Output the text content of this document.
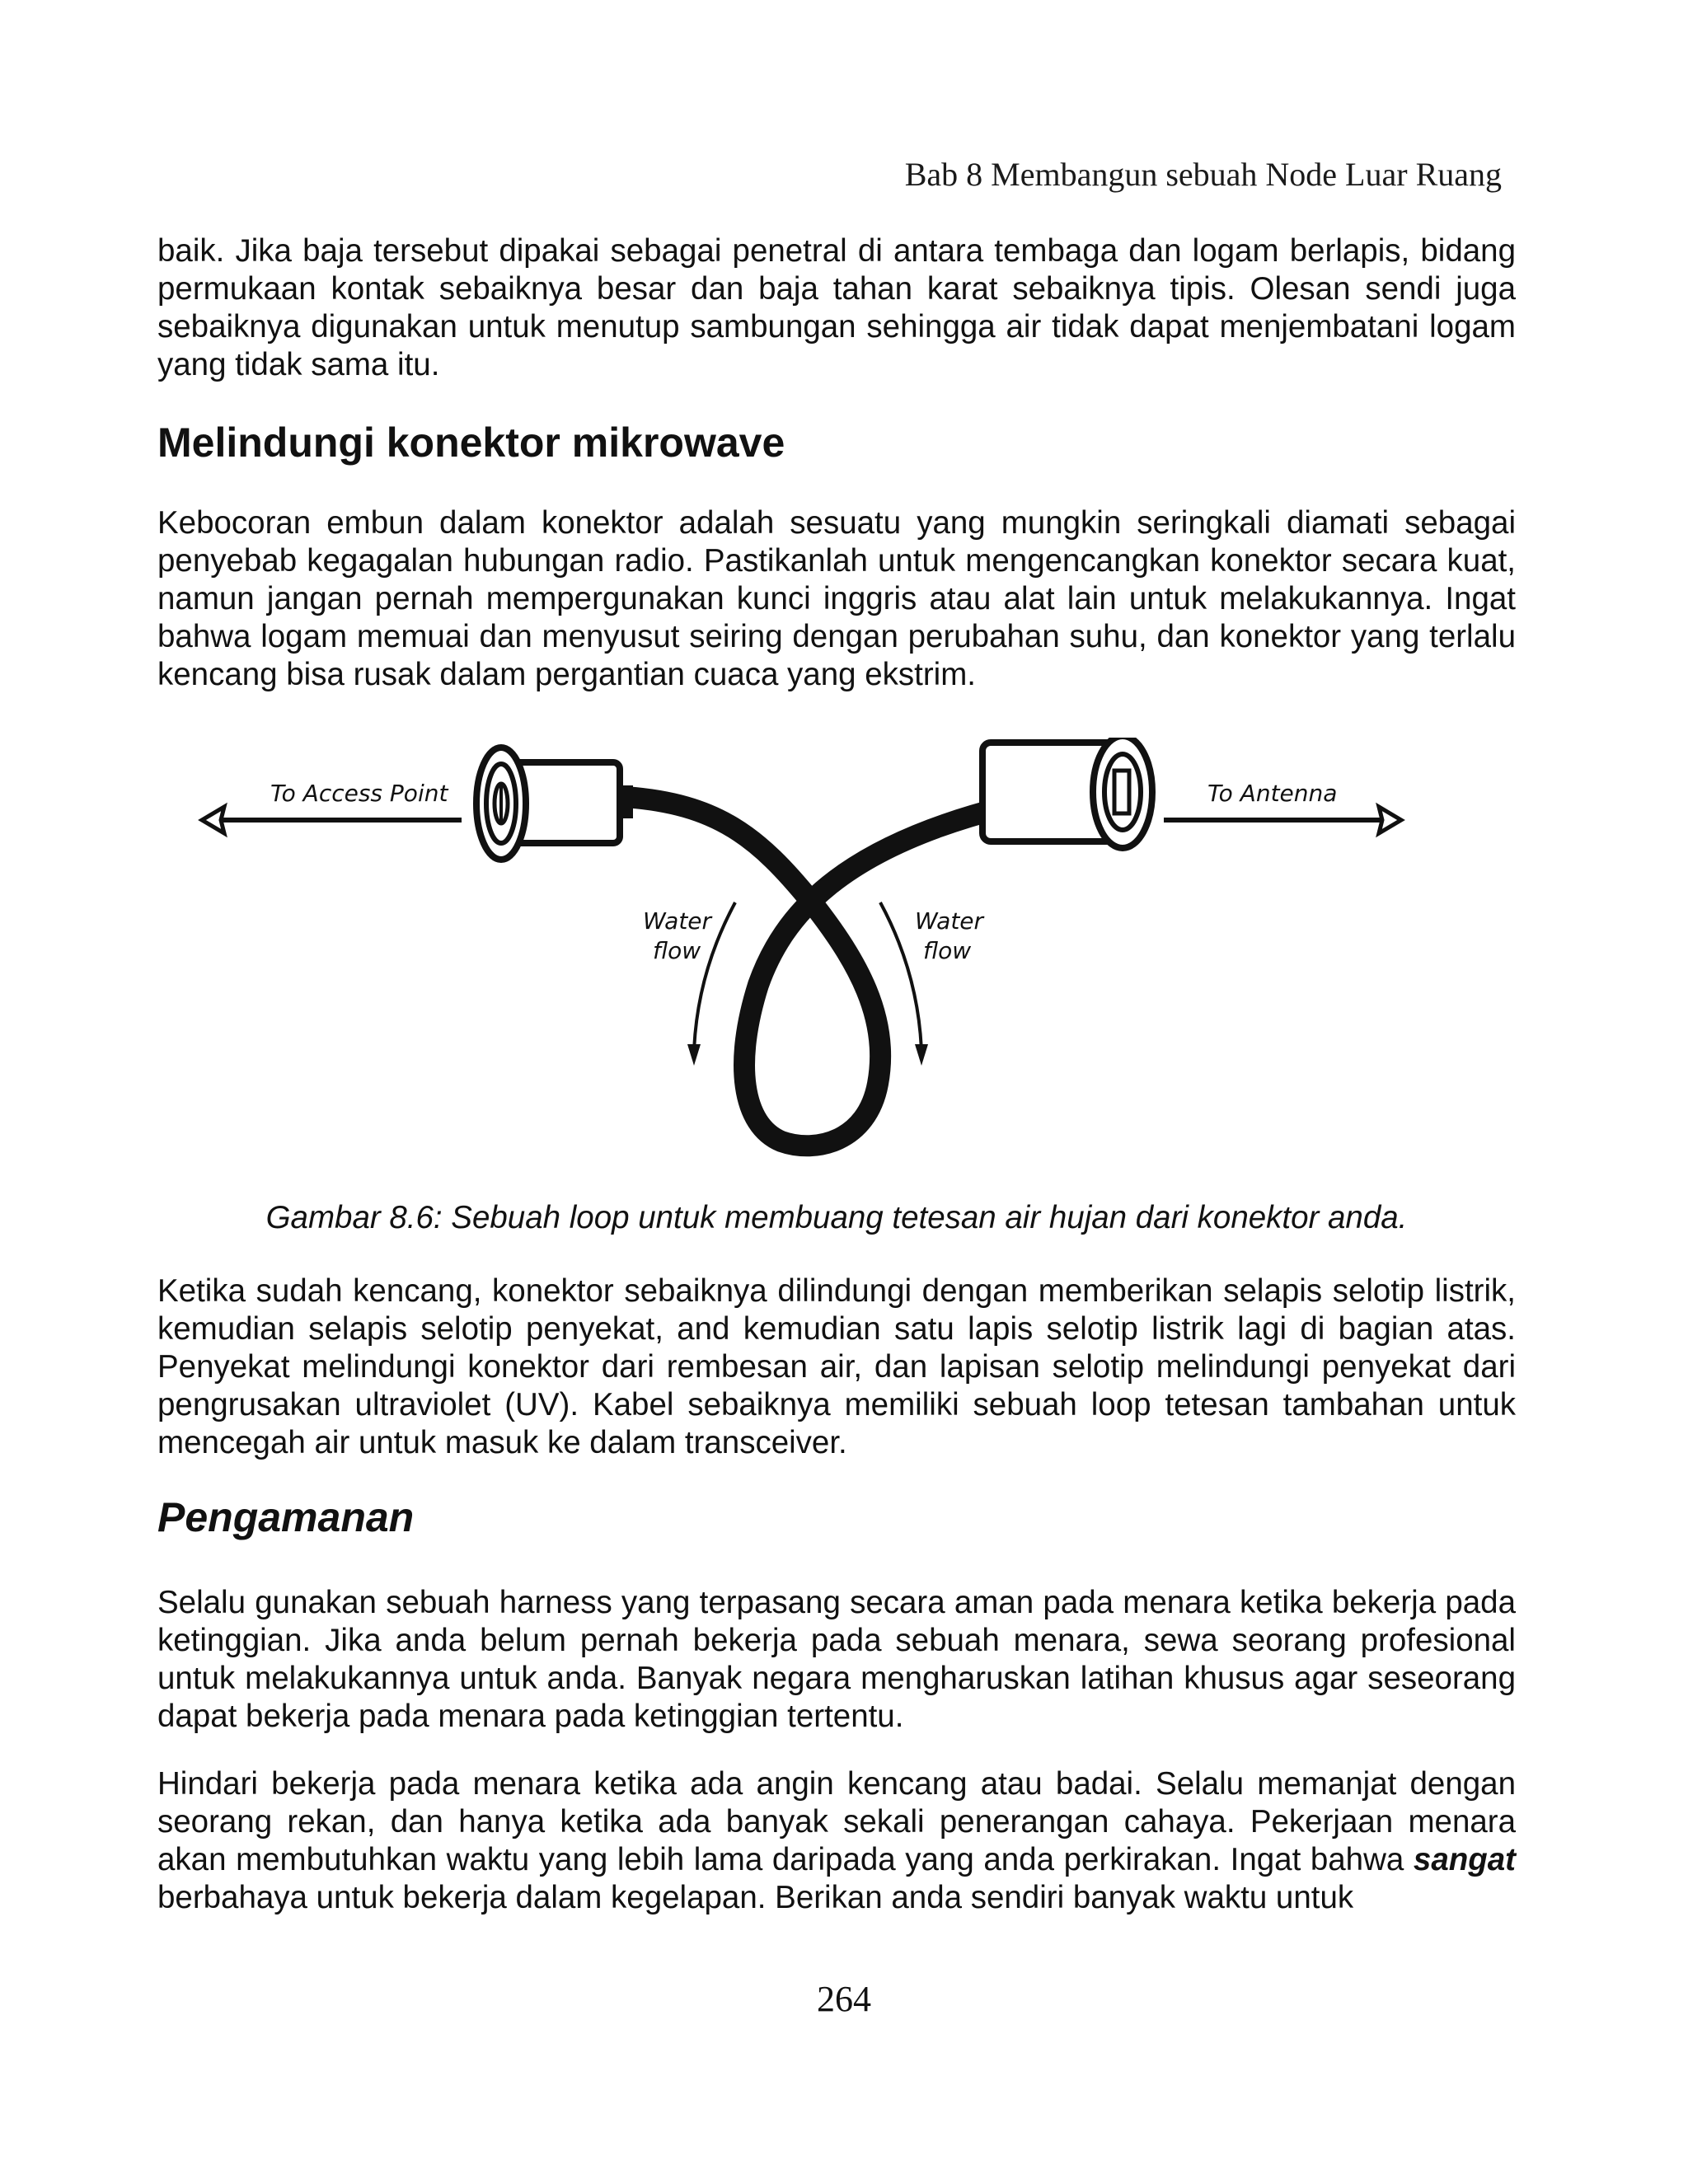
Bab 8 Membangun sebuah Node Luar Ruang

baik. Jika baja tersebut dipakai sebagai penetral di antara tembaga dan logam berlapis, bidang permukaan kontak sebaiknya besar dan baja tahan karat sebaiknya tipis. Olesan sendi juga sebaiknya digunakan untuk menutup sambungan sehingga air tidak dapat menjembatani logam yang tidak sama itu.

Melindungi konektor mikrowave

Kebocoran embun dalam konektor adalah sesuatu yang mungkin seringkali diamati sebagai penyebab kegagalan hubungan radio. Pastikanlah untuk mengencangkan konektor secara kuat, namun jangan pernah mempergunakan kunci inggris atau alat lain untuk melakukannya. Ingat bahwa logam memuai dan menyusut seiring dengan perubahan suhu, dan konektor yang terlalu kencang bisa rusak dalam pergantian cuaca yang ekstrim.

To Access Point	To Antenna
Water
flow
Water
flow

Gambar 8.6: Sebuah loop untuk membuang tetesan air hujan dari konektor anda.

Ketika sudah kencang, konektor sebaiknya dilindungi dengan memberikan selapis selotip listrik, kemudian selapis selotip penyekat, and kemudian satu lapis selotip listrik lagi di bagian atas. Penyekat melindungi konektor dari rembesan air, dan lapisan selotip melindungi penyekat dari pengrusakan ultraviolet (UV). Kabel sebaiknya memiliki sebuah loop tetesan tambahan untuk mencegah air untuk masuk ke dalam transceiver.

Pengamanan

Selalu gunakan sebuah harness yang terpasang secara aman pada menara ketika bekerja pada ketinggian. Jika anda belum pernah bekerja pada sebuah menara, sewa seorang profesional untuk melakukannya untuk anda. Banyak negara mengharuskan latihan khusus agar seseorang dapat bekerja pada menara pada ketinggian tertentu.

Hindari bekerja pada menara ketika ada angin kencang atau badai. Selalu memanjat dengan seorang rekan, dan hanya ketika ada banyak sekali penerangan cahaya. Pekerjaan menara akan membutuhkan waktu yang lebih lama daripada yang anda perkirakan. Ingat bahwa sangat berbahaya untuk bekerja dalam kegelapan. Berikan anda sendiri banyak waktu untuk

264
